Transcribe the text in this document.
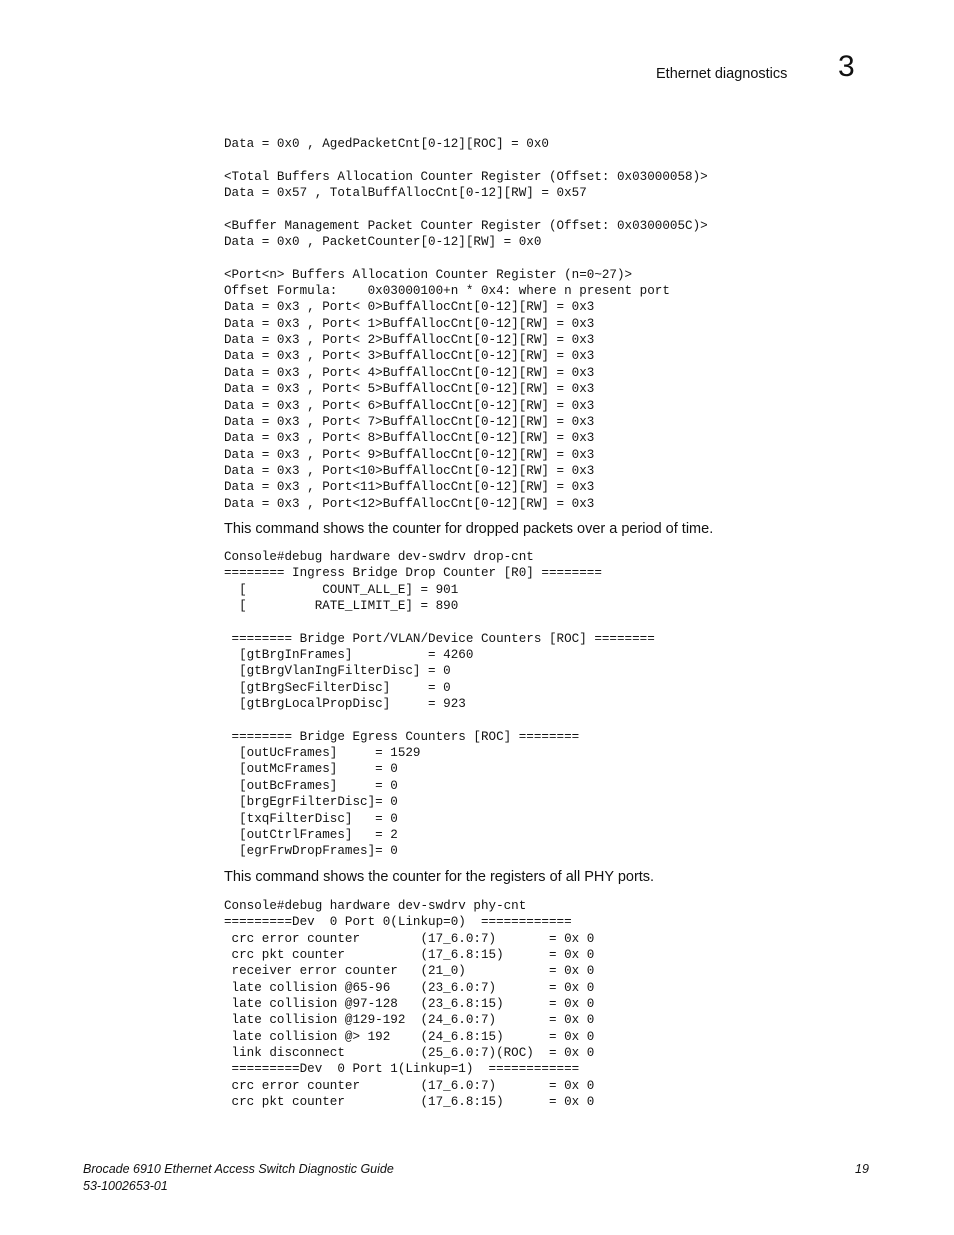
Ethernet diagnostics 3
Data = 0x0 , AgedPacketCnt[0-12][ROC] = 0x0

<Total Buffers Allocation Counter Register (Offset: 0x03000058)>
Data = 0x57 , TotalBuffAllocCnt[0-12][RW] = 0x57

<Buffer Management Packet Counter Register (Offset: 0x0300005C)>
Data = 0x0 , PacketCounter[0-12][RW] = 0x0

<Port<n> Buffers Allocation Counter Register (n=0~27)>
Offset Formula:    0x03000100+n * 0x4: where n present port
Data = 0x3 , Port< 0>BuffAllocCnt[0-12][RW] = 0x3
Data = 0x3 , Port< 1>BuffAllocCnt[0-12][RW] = 0x3
Data = 0x3 , Port< 2>BuffAllocCnt[0-12][RW] = 0x3
Data = 0x3 , Port< 3>BuffAllocCnt[0-12][RW] = 0x3
Data = 0x3 , Port< 4>BuffAllocCnt[0-12][RW] = 0x3
Data = 0x3 , Port< 5>BuffAllocCnt[0-12][RW] = 0x3
Data = 0x3 , Port< 6>BuffAllocCnt[0-12][RW] = 0x3
Data = 0x3 , Port< 7>BuffAllocCnt[0-12][RW] = 0x3
Data = 0x3 , Port< 8>BuffAllocCnt[0-12][RW] = 0x3
Data = 0x3 , Port< 9>BuffAllocCnt[0-12][RW] = 0x3
Data = 0x3 , Port<10>BuffAllocCnt[0-12][RW] = 0x3
Data = 0x3 , Port<11>BuffAllocCnt[0-12][RW] = 0x3
Data = 0x3 , Port<12>BuffAllocCnt[0-12][RW] = 0x3

This command shows the counter for dropped packets over a period of time.

Console#debug hardware dev-swdrv drop-cnt
======== Ingress Bridge Drop Counter [R0] ========
[          COUNT_ALL_E] = 901
[         RATE_LIMIT_E] = 890

======== Bridge Port/VLAN/Device Counters [ROC] ========
[gtBrgInFrames]          = 4260
[gtBrgVlanIngFilterDisc] = 0
[gtBrgSecFilterDisc]     = 0
[gtBrgLocalPropDisc]     = 923

======== Bridge Egress Counters [ROC] ========
[outUcFrames]     = 1529
[outMcFrames]     = 0
[outBcFrames]     = 0
[brgEgrFilterDisc]= 0
[txqFilterDisc]   = 0
[outCtrlFrames]   = 2
[egrFrwDropFrames]= 0

This command shows the counter for the registers of all PHY ports.

Console#debug hardware dev-swdrv phy-cnt
=========Dev  0 Port 0(Linkup=0)  ============
crc error counter        (17_6.0:7)       = 0x 0
crc pkt counter          (17_6.8:15)      = 0x 0
receiver error counter   (21_0)           = 0x 0
late collision @65-96    (23_6.0:7)       = 0x 0
late collision @97-128   (23_6.8:15)      = 0x 0
late collision @129-192  (24_6.0:7)       = 0x 0
late collision @> 192    (24_6.8:15)      = 0x 0
link disconnect          (25_6.0:7)(ROC)  = 0x 0
=========Dev  0 Port 1(Linkup=1)  ============
crc error counter        (17_6.0:7)       = 0x 0
crc pkt counter          (17_6.8:15)      = 0x 0
Brocade 6910 Ethernet Access Switch Diagnostic Guide
53-1002653-01
19
